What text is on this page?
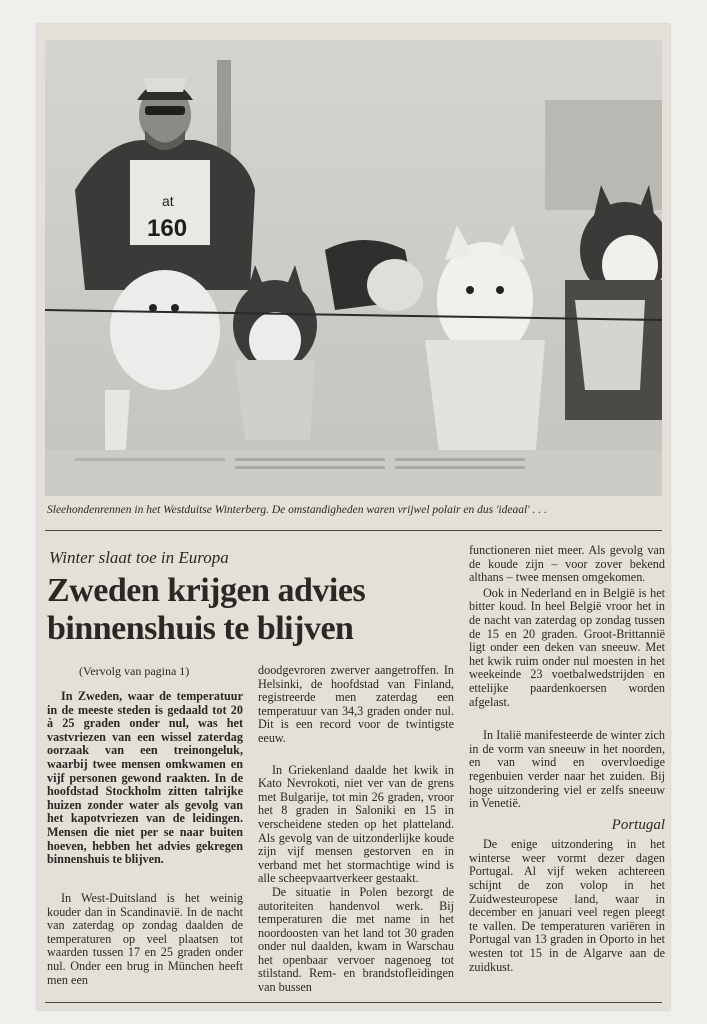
160
at
Sleehondenrennen in het Westduitse Winterberg. De omstandigheden waren vrijwel polair en dus 'ideaal' . . .
Winter slaat toe in Europa
Zweden krijgen advies binnenshuis te blijven
(Vervolg van pagina 1)

In Zweden, waar de temperatuur in de meeste steden is gedaald tot 20 à 25 graden onder nul, was het vastvriezen van een wissel zaterdag oorzaak van een treinongeluk, waarbij twee mensen omkwamen en vijf personen gewond raakten. In de hoofdstad Stockholm zitten talrijke huizen zonder water als gevolg van het kapotvriezen van de leidingen. Mensen die niet per se naar buiten hoeven, hebben het advies gekregen binnenshuis te blijven.

In West-Duitsland is het weinig kouder dan in Scandinavië. In de nacht van zaterdag op zondag daalden de temperaturen op veel plaatsen tot waarden tussen 17 en 25 graden onder nul. Onder een brug in München heeft men een

doodgevroren zwerver aangetroffen. In Helsinki, de hoofdstad van Finland, registreerde men zaterdag een temperatuur van 34,3 graden onder nul. Dit is een record voor de twintigste eeuw.

In Griekenland daalde het kwik in Kato Nevrokoti, niet ver van de grens met Bulgarije, tot min 26 graden, vroor het 8 graden in Saloniki en 15 in verscheidene steden op het platteland. Als gevolg van de uitzonderlijke koude zijn vijf mensen gestorven en in verband met het stormachtige wind is alle scheepvaartverkeer gestaakt.

De situatie in Polen bezorgt de autoriteiten handenvol werk. Bij temperaturen die met name in het noordoosten van het land tot 30 graden onder nul daalden, kwam in Warschau het openbaar vervoer nagenoeg tot stilstand. Rem- en brandstofleidingen van bussen

functioneren niet meer. Als gevolg van de koude zijn – voor zover bekend althans – twee mensen omgekomen.

Ook in Nederland en in België is het bitter koud. In heel België vroor het in de nacht van zaterdag op zondag tussen de 15 en 20 graden. Groot-Brittannië ligt onder een deken van sneeuw. Met het kwik ruim onder nul moesten in het weekeinde 23 voetbalwedstrijden en ettelijke paardenkoersen worden afgelast.

In Italië manifesteerde de winter zich in de vorm van sneeuw in het noorden, en van wind en overvloedige regenbuien verder naar het zuiden. Bij hoge uitzondering viel er zelfs sneeuw in Venetië.

Portugal

De enige uitzondering in het winterse weer vormt dezer dagen Portugal. Al vijf weken achtereen schijnt de zon volop in het Zuidwesteuropese land, waar in december en januari veel regen pleegt te vallen. De temperaturen variëren in Portugal van 13 graden in Oporto in het westen tot 15 in de Algarve aan de zuidkust.
